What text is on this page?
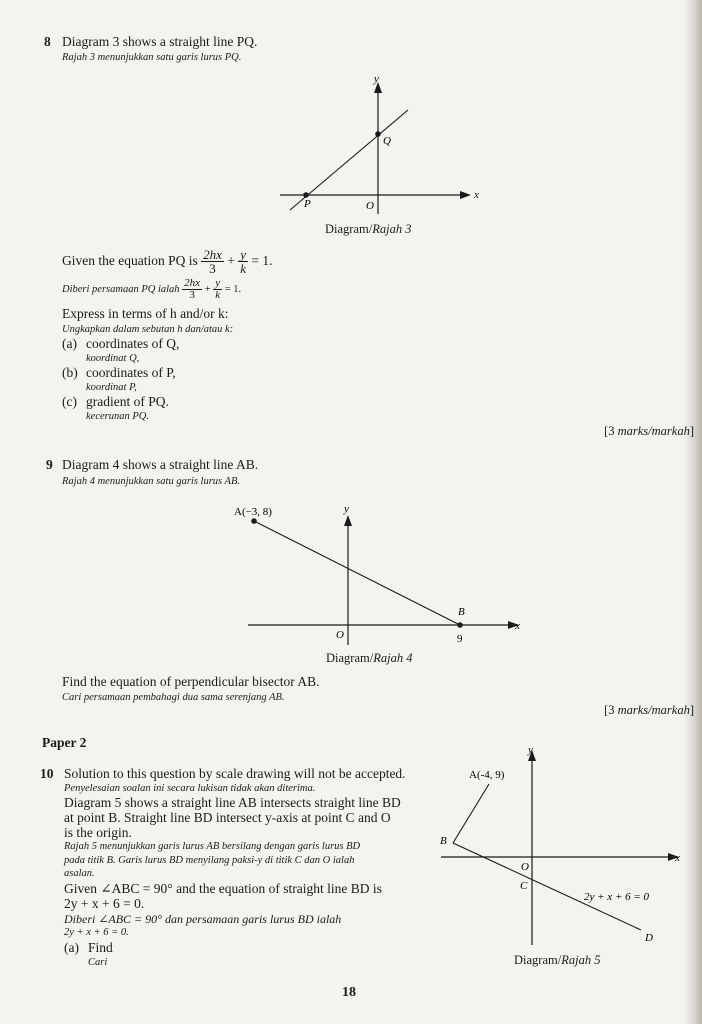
8 Diagram 3 shows a straight line PQ.
Rajah 3 menunjukkan satu garis lurus PQ.
P
Q
O
x
y
Diagram/Rajah 3
Given the equation PQ is $\frac{2hx}{3} + \frac{y}{k} = 1$.
Diberi persamaan PQ ialah $\frac{2hx}{3} + \frac{y}{k} = 1$.
Express in terms of h and/or k:
Ungkapkan dalam sebutan h dan/atau k:
(a) coordinates of Q,
koordinat Q,
(b) coordinates of P,
koordinat P,
(c) gradient of PQ.
kecerunan PQ.
[3 marks/markah]
9 Diagram 4 shows a straight line AB.
Rajah 4 menunjukkan satu garis lurus AB.
A(−3, 8)
B
O	9
x
y
Diagram/Rajah 4
Find the equation of perpendicular bisector AB.
Cari persamaan pembahagi dua sama serenjang AB.
[3 marks/markah]
Paper 2
10 Solution to this question by scale drawing will not be accepted.
Penyelesaian soalan ini secara lukisan tidak akan diterima.
Diagram 5 shows a straight line AB intersects straight line BD
at point B. Straight line BD intersect y-axis at point C and O
is the origin.
Rajah 5 menunjukkan garis lurus AB bersilang dengan garis lurus BD
pada titik B. Garis lurus BD menyilang paksi-y di titik C dan O ialah
asalan.
Given ∠ABC = 90° and the equation of straight line BD is
2y + x + 6 = 0.
Diberi ∠ABC = 90° dan persamaan garis lurus BD ialah
2y + x + 6 = 0.
(a) Find
Cari
A(-4, 9)
B
C
D
O
x
y
2y + x + 6 = 0
Diagram/Rajah 5
18
